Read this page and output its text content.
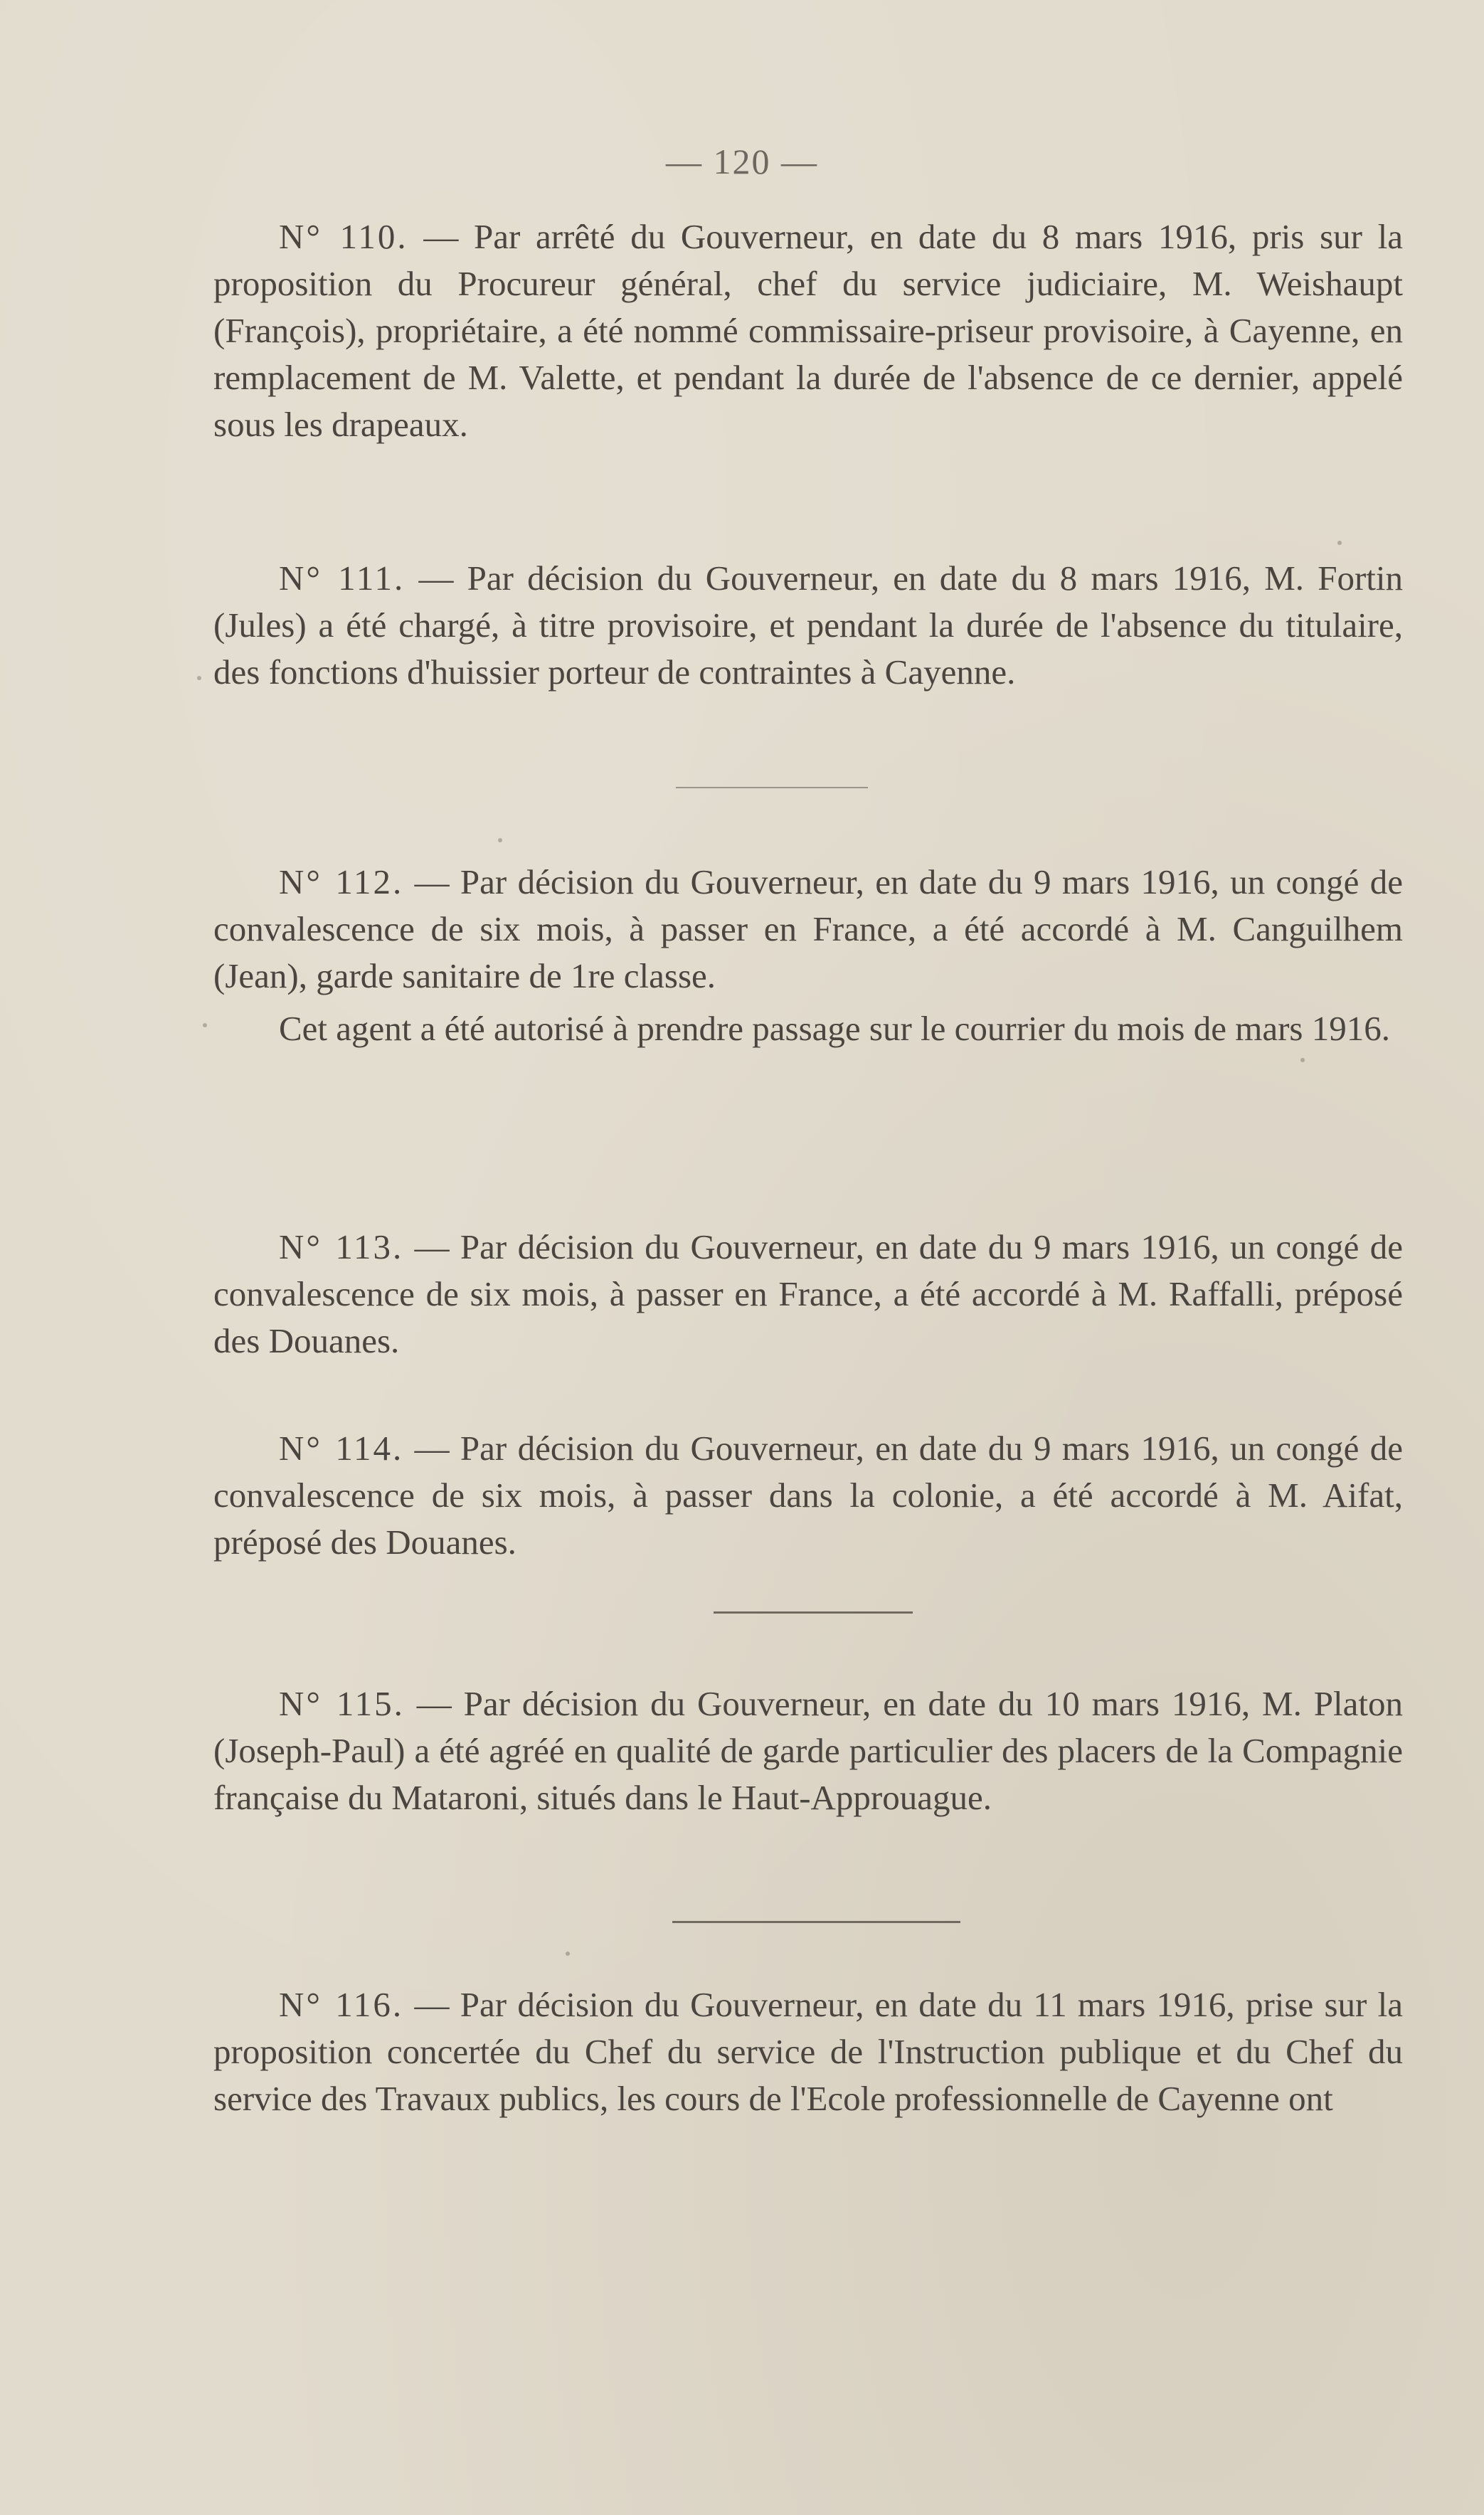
— 120 —

N° 110. — Par arrêté du Gouverneur, en date du 8 mars 1916, pris sur la proposition du Procureur général, chef du service judiciaire, M. Weishaupt (François), propriétaire, a été nommé commissaire-priseur provisoire, à Cayenne, en remplacement de M. Valette, et pendant la durée de l'absence de ce dernier, appelé sous les drapeaux.

N° 111. — Par décision du Gouverneur, en date du 8 mars 1916, M. Fortin (Jules) a été chargé, à titre provisoire, et pendant la durée de l'absence du titulaire, des fonctions d'huissier porteur de contraintes à Cayenne.

N° 112. — Par décision du Gouverneur, en date du 9 mars 1916, un congé de convalescence de six mois, à passer en France, a été accordé à M. Canguilhem (Jean), garde sanitaire de 1re classe.

Cet agent a été autorisé à prendre passage sur le courrier du mois de mars 1916.

N° 113. — Par décision du Gouverneur, en date du 9 mars 1916, un congé de convalescence de six mois, à passer en France, a été accordé à M. Raffalli, préposé des Douanes.

N° 114. — Par décision du Gouverneur, en date du 9 mars 1916, un congé de convalescence de six mois, à passer dans la colonie, a été accordé à M. Aifat, préposé des Douanes.

N° 115. — Par décision du Gouverneur, en date du 10 mars 1916, M. Platon (Joseph-Paul) a été agréé en qualité de garde particulier des placers de la Compagnie française du Mataroni, situés dans le Haut-Approuague.

N° 116. — Par décision du Gouverneur, en date du 11 mars 1916, prise sur la proposition concertée du Chef du service de l'Instruction publique et du Chef du service des Travaux publics, les cours de l'Ecole professionnelle de Cayenne ont
